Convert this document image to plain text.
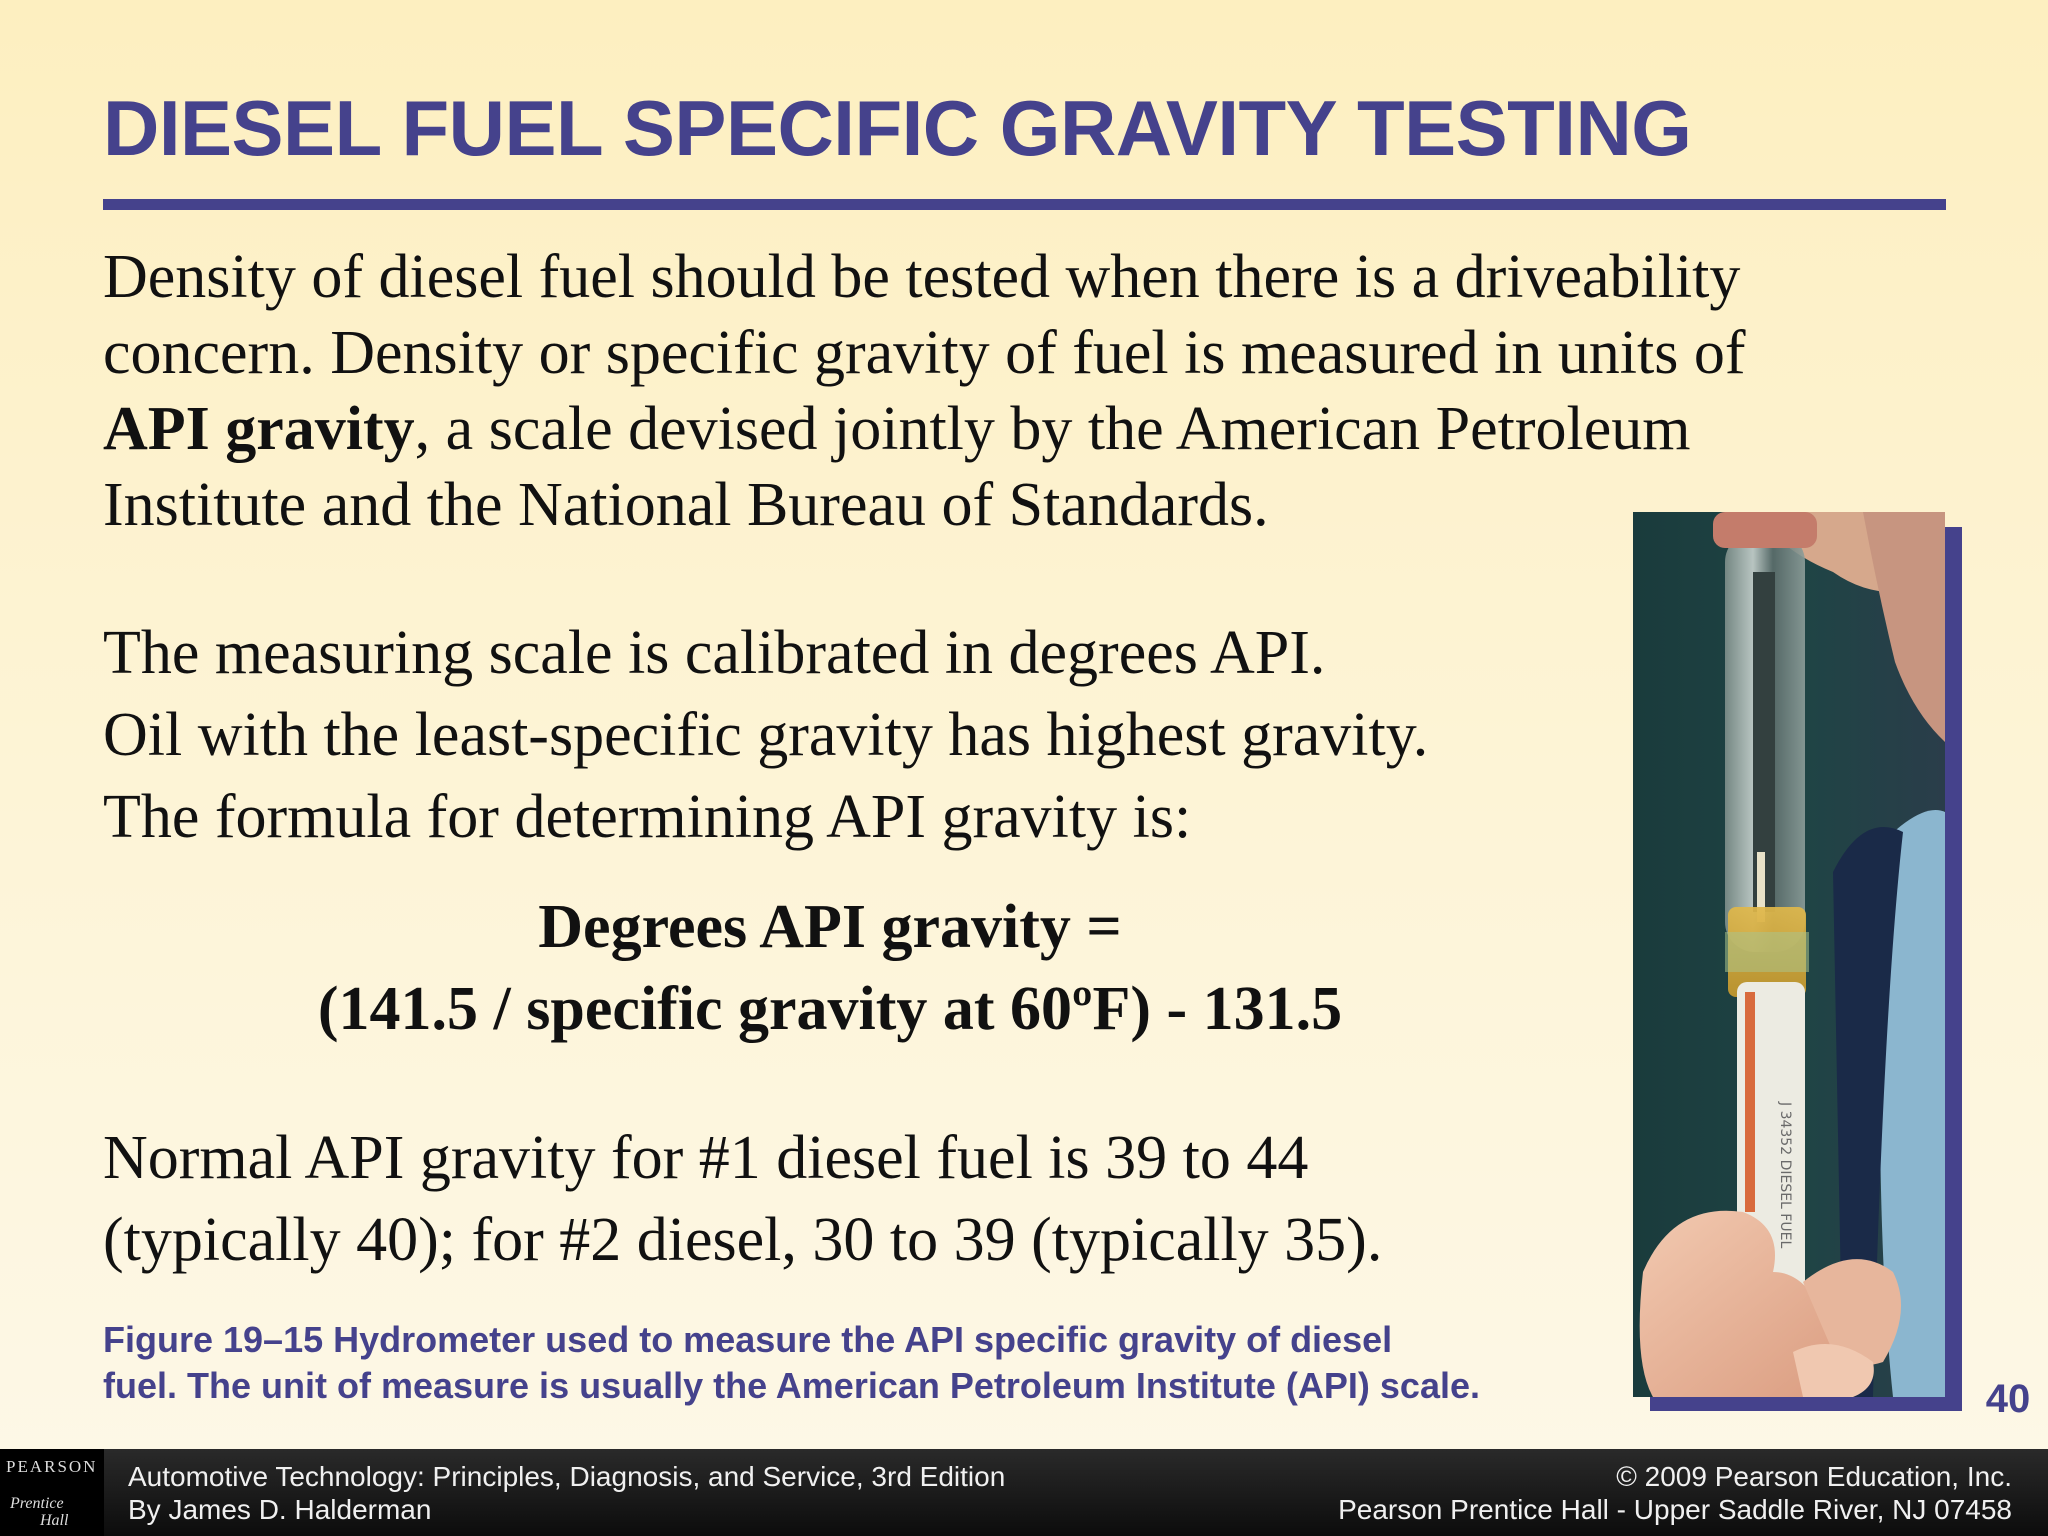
DIESEL FUEL SPECIFIC GRAVITY TESTING

Density of diesel fuel should be tested when there is a driveability
concern. Density or specific gravity of fuel is measured in units of
API gravity, a scale devised jointly by the American Petroleum
Institute and the National Bureau of Standards.

The measuring scale is calibrated in degrees API.
Oil with the least-specific gravity has highest gravity.
The formula for determining API gravity is:

Degrees API gravity =
(141.5 / specific gravity at 60ºF) - 131.5

Normal API gravity for #1 diesel fuel is 39 to 44
(typically 40); for #2 diesel, 30 to 39 (typically 35).

Figure 19–15 Hydrometer used to measure the API specific gravity of diesel
fuel. The unit of measure is usually the American Petroleum Institute (API) scale.

J 34352 DIESEL FUEL
40
PEARSON
Prentice
Hall
Automotive Technology: Principles, Diagnosis, and Service, 3rd Edition
By James D. Halderman
© 2009 Pearson Education, Inc.
Pearson Prentice Hall - Upper Saddle River, NJ 07458
